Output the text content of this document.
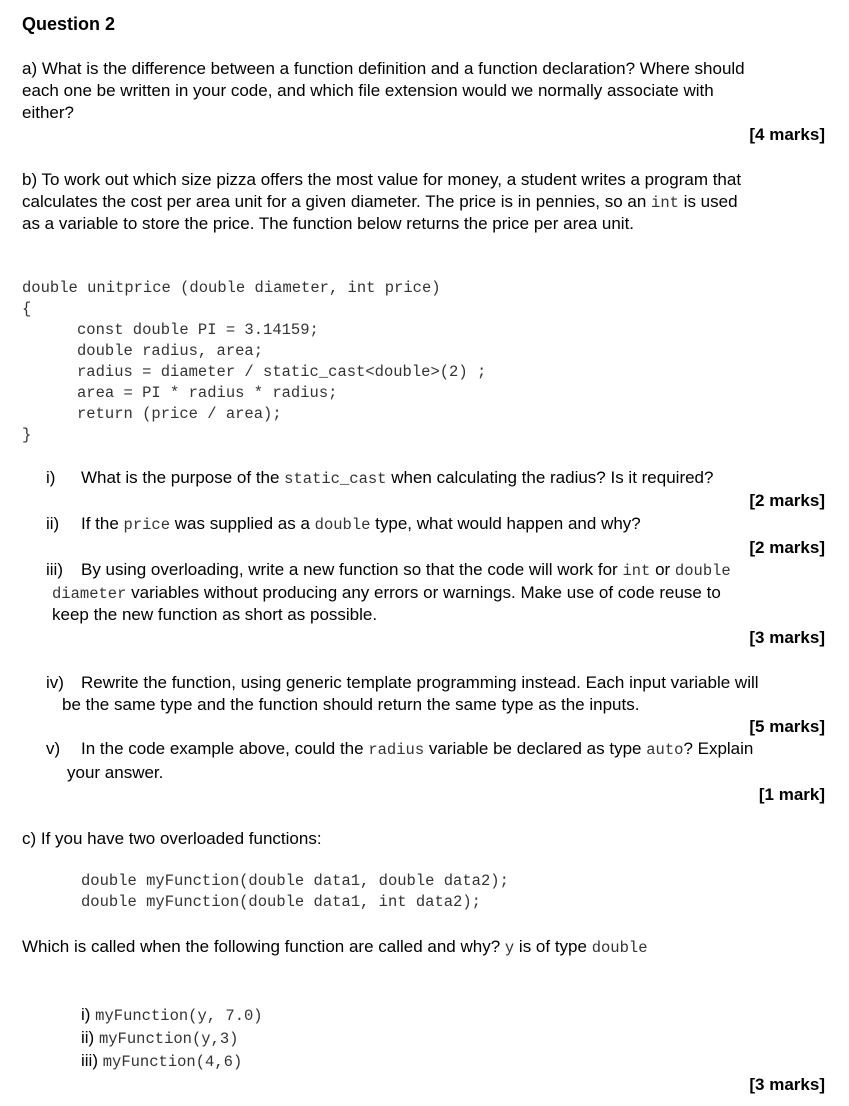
Question 2
a) What is the difference between a function definition and a function declaration? Where should
each one be written in your code, and which file extension would we normally associate with
either?
[4 marks]
b) To work out which size pizza offers the most value for money, a student writes a program that
calculates the cost per area unit for a given diameter. The price is in pennies, so an int is used
as a variable to store the price. The function below returns the price per area unit.
double unitprice (double diameter, int price)
{
const double PI = 3.14159;
double radius, area;
radius = diameter / static_cast<double>(2) ;
area = PI * radius * radius;
return (price / area);
}
i) What is the purpose of the static_cast when calculating the radius? Is it required?
[2 marks]
ii) If the price was supplied as a double type, what would happen and why?
[2 marks]
iii) By using overloading, write a new function so that the code will work for int or double
diameter variables without producing any errors or warnings. Make use of code reuse to
keep the new function as short as possible.
[3 marks]
iv) Rewrite the function, using generic template programming instead. Each input variable will
be the same type and the function should return the same type as the inputs.
[5 marks]
v) In the code example above, could the radius variable be declared as type auto? Explain
your answer.
[1 mark]
c) If you have two overloaded functions:
double myFunction(double data1, double data2);
double myFunction(double data1, int data2);
Which is called when the following function are called and why? y is of type double
i) myFunction(y, 7.0)
ii) myFunction(y,3)
iii) myFunction(4,6)
[3 marks]
